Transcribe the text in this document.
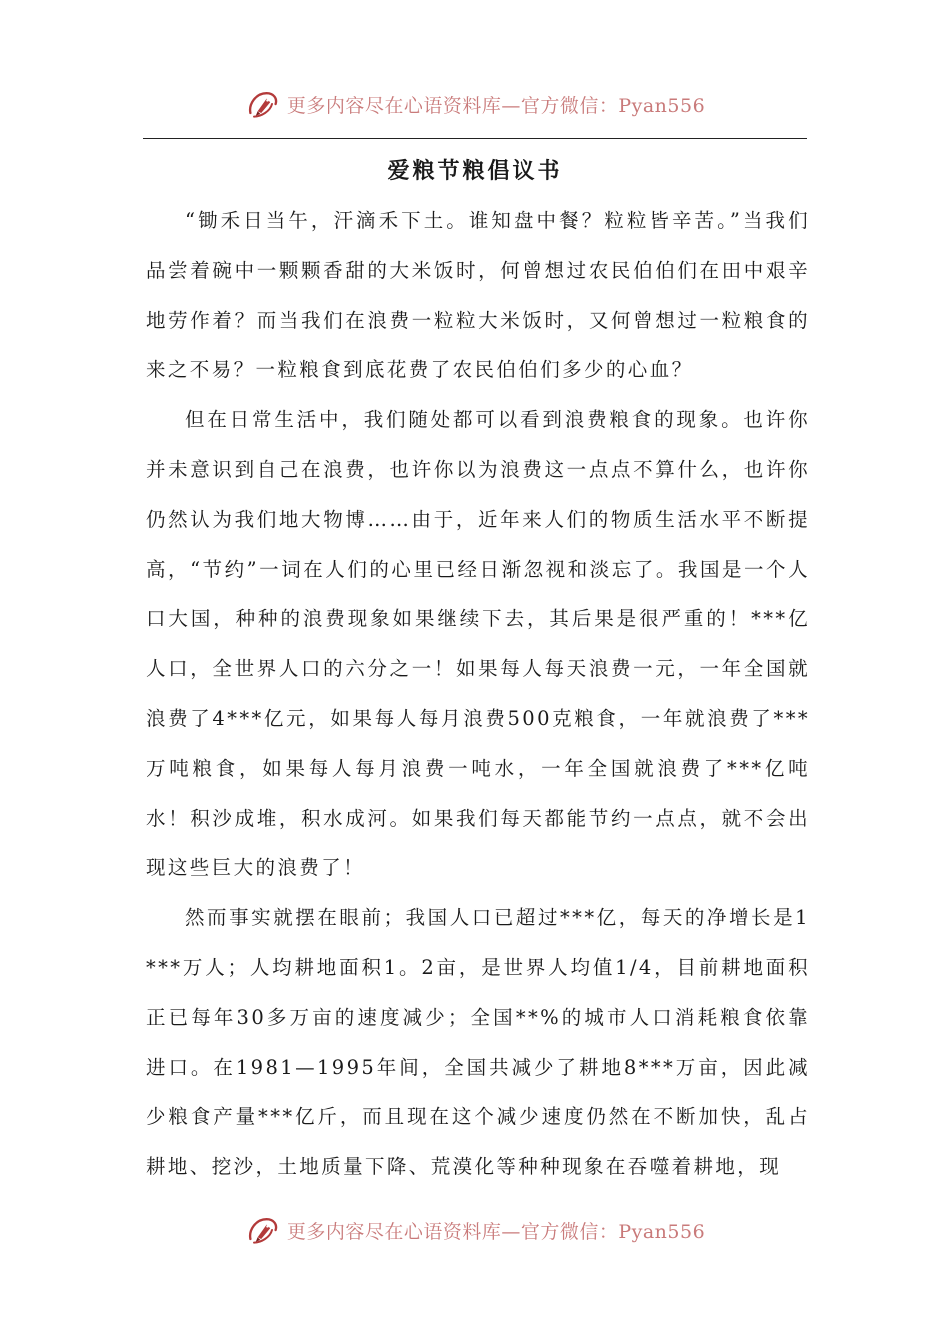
更多内容尽在心语资料库—官方微信：Pyan556
爱粮节粮倡议书

“锄禾日当午，汗滴禾下土。谁知盘中餐？粒粒皆辛苦。”当我们品尝着碗中一颗颗香甜的大米饭时，何曾想过农民伯伯们在田中艰辛地劳作着？而当我们在浪费一粒粒大米饭时，又何曾想过一粒粮食的来之不易？一粒粮食到底花费了农民伯伯们多少的心血？

但在日常生活中，我们随处都可以看到浪费粮食的现象。也许你并未意识到自己在浪费，也许你以为浪费这一点点不算什么，也许你仍然认为我们地大物博……由于，近年来人们的物质生活水平不断提高，“节约”一词在人们的心里已经日渐忽视和淡忘了。我国是一个人口大国，种种的浪费现象如果继续下去，其后果是很严重的！***亿人口，全世界人口的六分之一！如果每人每天浪费一元，一年全国就浪费了4***亿元，如果每人每月浪费500克粮食，一年就浪费了***万吨粮食，如果每人每月浪费一吨水，一年全国就浪费了***亿吨水！积沙成堆，积水成河。如果我们每天都能节约一点点，就不会出现这些巨大的浪费了！

然而事实就摆在眼前；我国人口已超过***亿，每天的净增长是1***万人；人均耕地面积1。2亩，是世界人均值1/4，目前耕地面积正已每年30多万亩的速度减少；全国**%的城市人口消耗粮食依靠进口。在1981—1995年间，全国共减少了耕地8***万亩，因此减少粮食产量***亿斤，而且现在这个减少速度仍然在不断加快，乱占耕地、挖沙，土地质量下降、荒漠化等种种现象在吞噬着耕地，现

更多内容尽在心语资料库—官方微信：Pyan556
